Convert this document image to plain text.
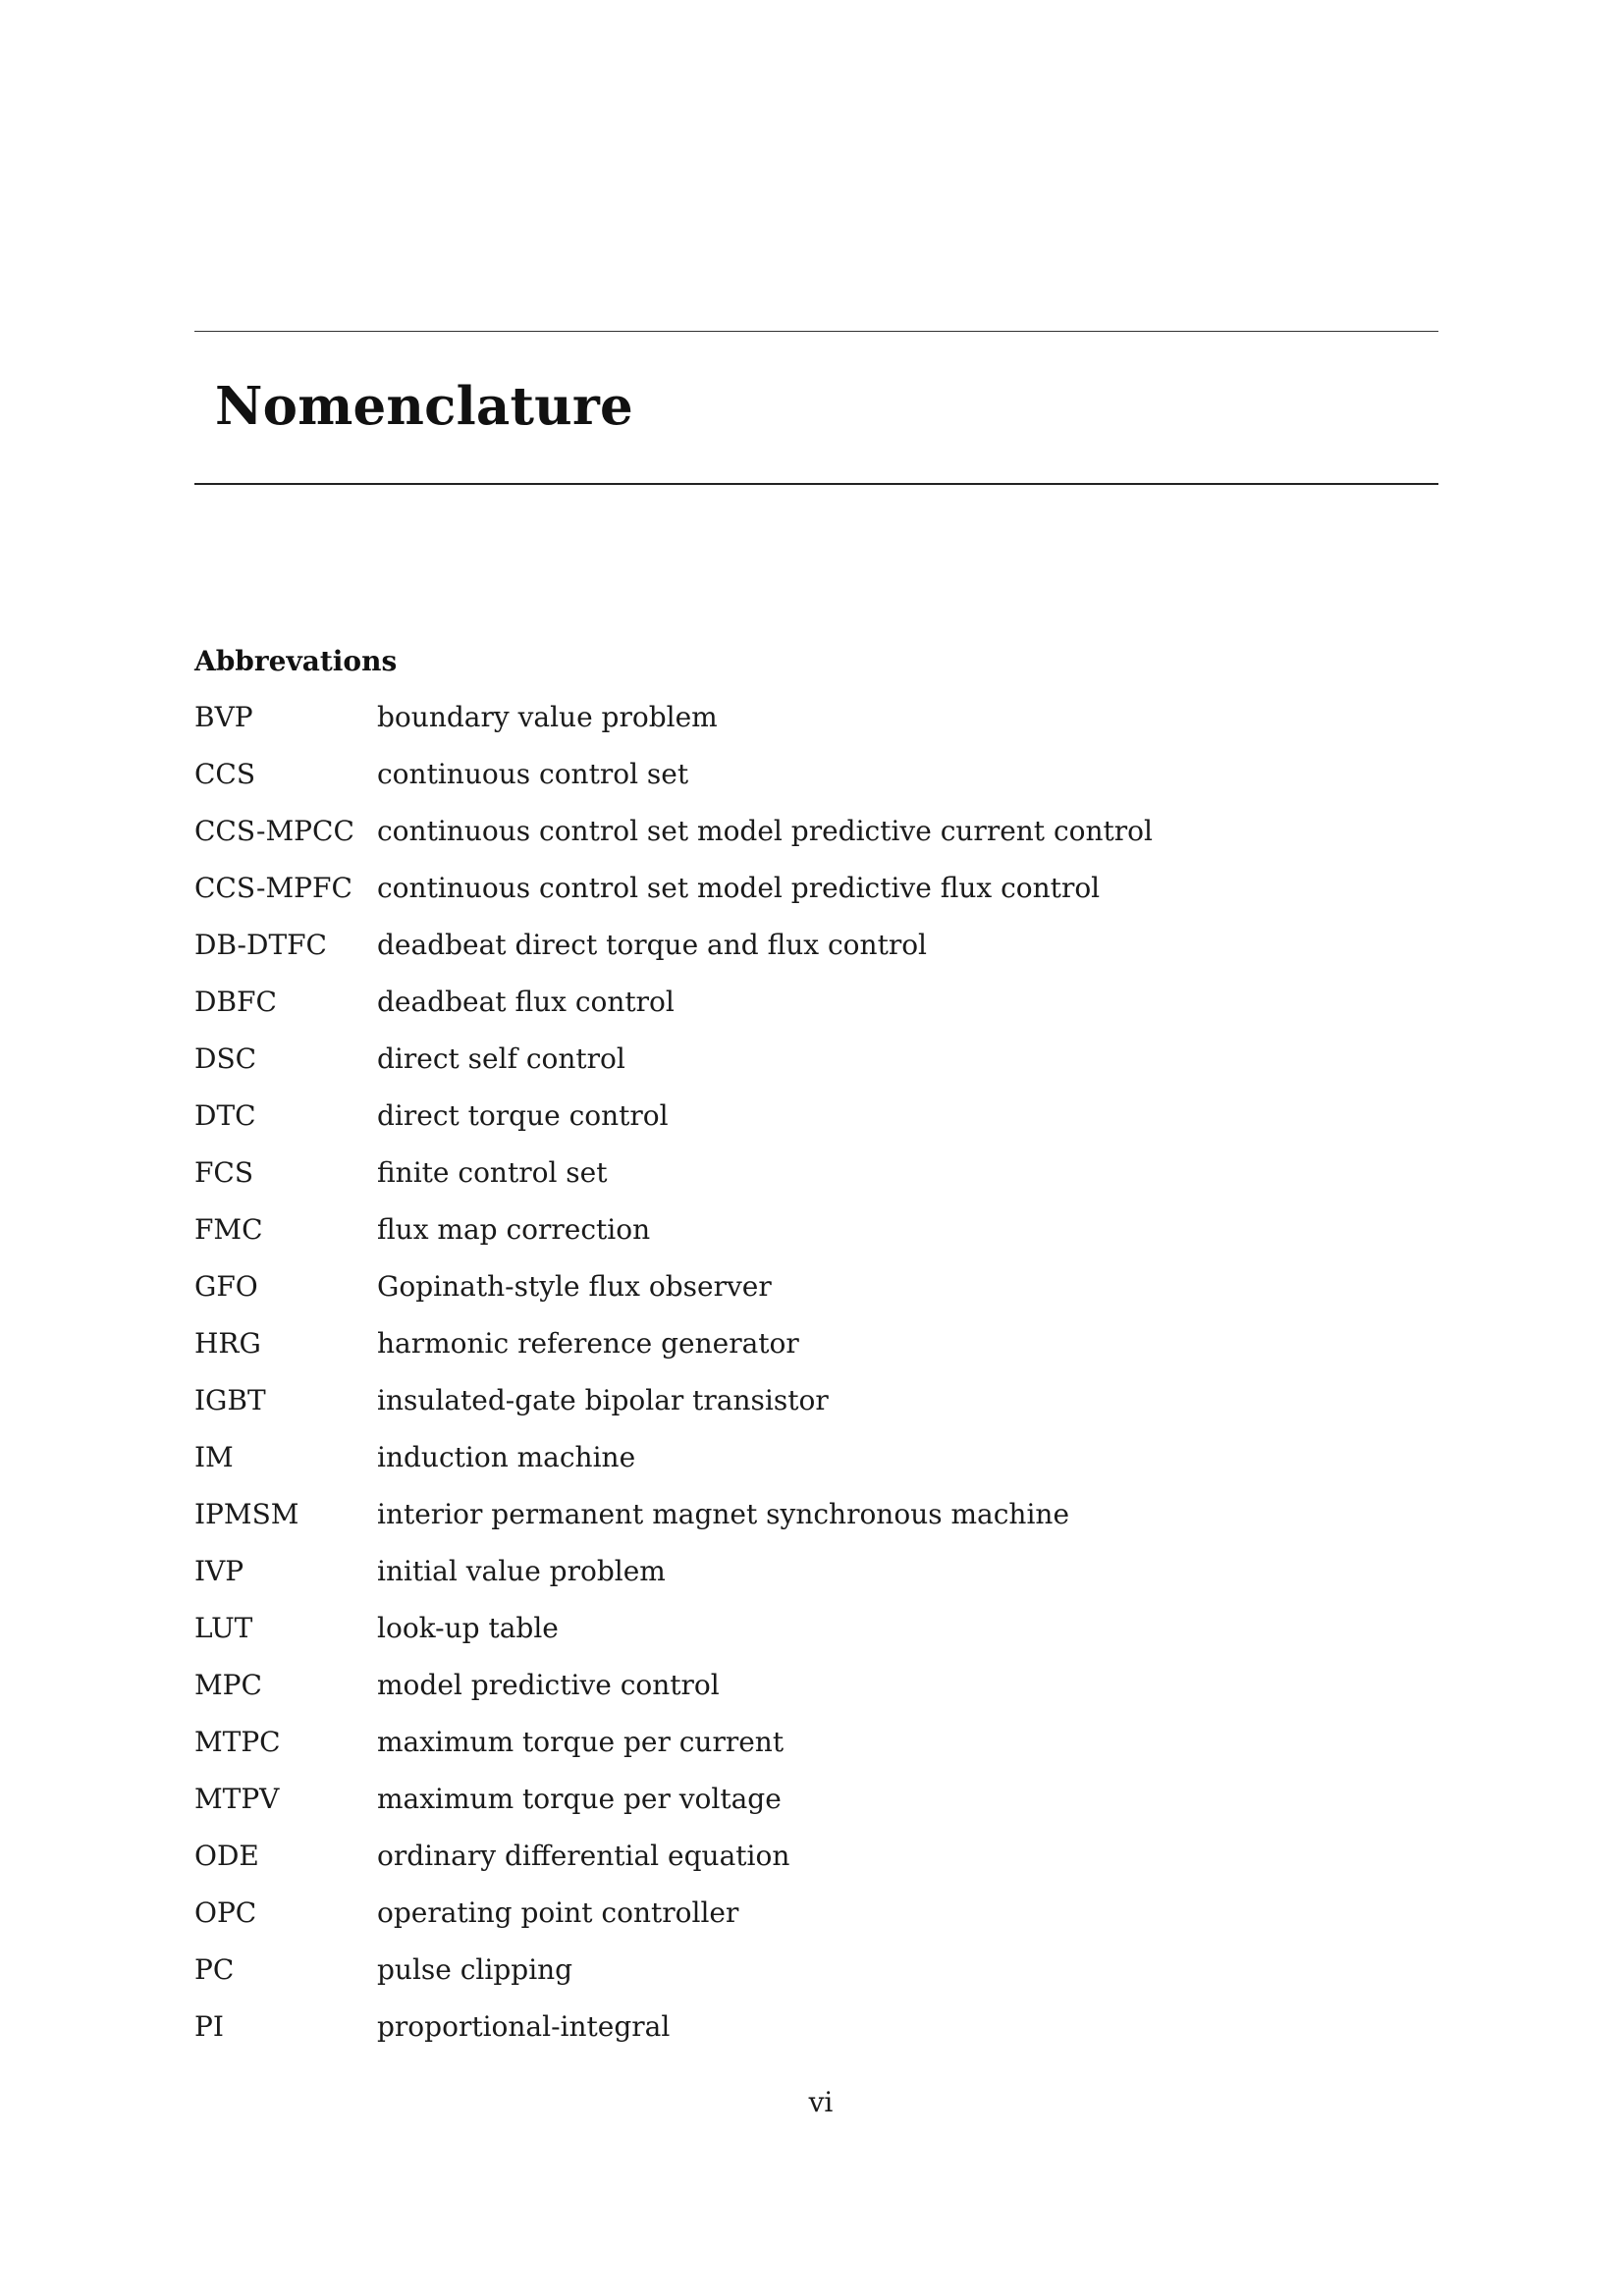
Nomenclature
Abbrevations
BVP	boundary value problem
CCS	continuous control set
CCS-MPCC continuous control set model predictive current control
CCS-MPFC continuous control set model predictive flux control
DB-DTFC	deadbeat direct torque and flux control
DBFC	deadbeat flux control
DSC	direct self control
DTC	direct torque control
FCS	finite control set
FMC	flux map correction
GFO	Gopinath-style flux observer
HRG	harmonic reference generator
IGBT	insulated-gate bipolar transistor
IM	induction machine
IPMSM	interior permanent magnet synchronous machine
IVP	initial value problem
LUT	look-up table
MPC	model predictive control
MTPC	maximum torque per current
MTPV	maximum torque per voltage
ODE	ordinary differential equation
OPC	operating point controller
PC	pulse clipping
PI	proportional-integral
vi
